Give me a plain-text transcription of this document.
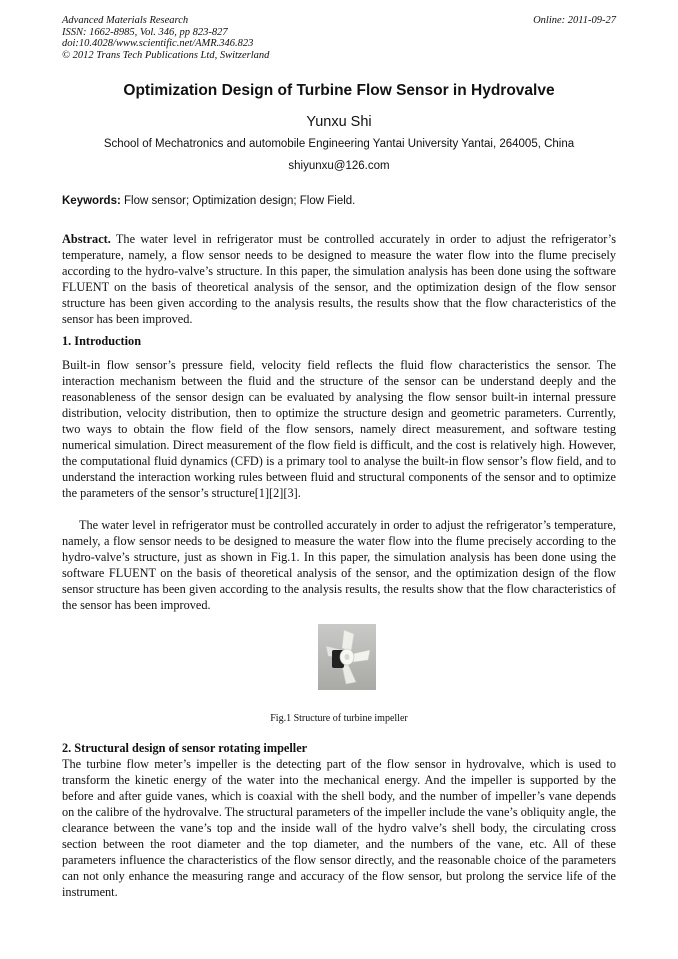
Advanced Materials Research
ISSN: 1662-8985, Vol. 346, pp 823-827
doi:10.4028/www.scientific.net/AMR.346.823
© 2012 Trans Tech Publications Ltd, Switzerland
Online: 2011-09-27
Optimization Design of Turbine Flow Sensor in Hydrovalve
Yunxu Shi
School of Mechatronics and automobile Engineering Yantai University Yantai, 264005, China
shiyunxu@126.com
Keywords: Flow sensor; Optimization design; Flow Field.

Abstract. The water level in refrigerator must be controlled accurately in order to adjust the refrigerator’s temperature, namely, a flow sensor needs to be designed to measure the water flow into the flume precisely according to the hydro-valve’s structure. In this paper, the simulation analysis has been done using the software FLUENT on the basis of theoretical analysis of the sensor, and the optimization design of the flow sensor structure has been given according to the analysis results, the results show that the flow characteristics of the sensor has been improved.

1. Introduction

Built-in flow sensor’s pressure field, velocity field reflects the fluid flow characteristics the sensor. The interaction mechanism between the fluid and the structure of the sensor can be understand deeply and the reasonableness of the sensor design can be evaluated by analysing the flow sensor built-in internal pressure distribution, velocity distribution, then to optimize the structure design and geometric parameters. Currently, two ways to obtain the flow field of the flow sensors, namely direct measurement, and software testing numerical simulation. Direct measurement of the flow field is difficult, and the cost is relatively high. However, the computational fluid dynamics (CFD) is a primary tool to analyse the built-in flow sensor’s flow field, and to understand the interaction working rules between fluid and structural components of the sensor and to optimize the parameters of the sensor’s structure[1][2][3].

The water level in refrigerator must be controlled accurately in order to adjust the refrigerator’s temperature, namely, a flow sensor needs to be designed to measure the water flow into the flume precisely according to the hydro-valve’s structure, just as shown in Fig.1. In this paper, the simulation analysis has been done using the software FLUENT on the basis of theoretical analysis of the sensor, and the optimization design of the flow sensor structure has been given according to the analysis results, the results show that the flow characteristics of the sensor has been improved.

Fig.1 Structure of turbine impeller
2. Structural design of sensor rotating impeller

The turbine flow meter’s impeller is the detecting part of the flow sensor in hydrovalve, which is used to transform the kinetic energy of the water into the mechanical energy. And the impeller is supported by the before and after guide vanes, which is coaxial with the shell body, and the number of impeller’s vane depends on the calibre of the hydrovalve. The structural parameters of the impeller include the vane’s obliquity angle, the clearance between the vane’s top and the inside wall of the hydro valve’s shell body, the circulating cross section between the root diameter and the top diameter, and the numbers of the vane, etc. All of these parameters influence the characteristics of the flow sensor directly, and the reasonable choice of the parameters can not only enhance the measuring range and accuracy of the flow sensor, but prolong the service life of the instrument.
